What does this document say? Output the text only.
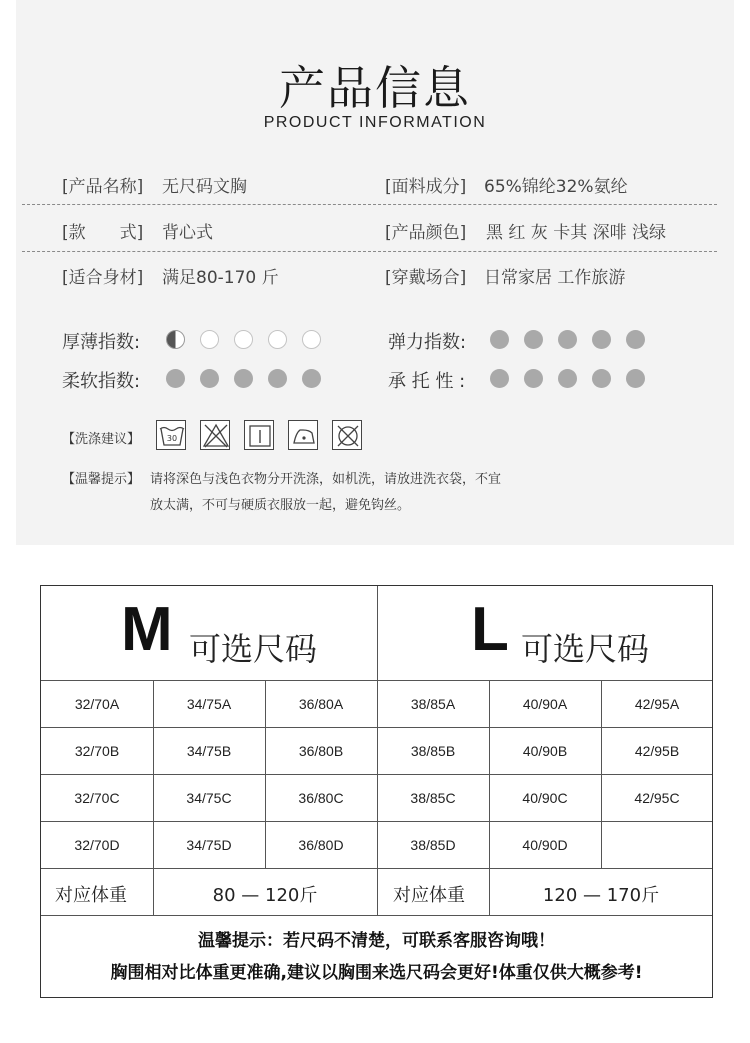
产品信息
PRODUCT INFORMATION
[产品名称] 无尺码文胸	[面料成分] 65%锦纶32%氨纶
[款　　式] 背心式	[产品颜色] 黑 红 灰 卡其 深啡 浅绿
[适合身材] 满足80-170 斤	[穿戴场合] 日常家居 工作旅游
厚薄指数:	弹力指数:
柔软指数:	承 托 性 :
【洗涤建议】	30
【温馨提示】 请将深色与浅色衣物分开洗涤，如机洗，请放进洗衣袋，不宜
放太满，不可与硬质衣服放一起，避免钩丝。
M 可选尺码 L 可选尺码
32/70A	34/75A	36/80A	38/85A	40/90A	42/95A
32/70B	34/75B	36/80B	38/85B	40/90B	42/95B
32/70C	34/75C	36/80C	38/85C	40/90C	42/95C
32/70D	34/75D	36/80D	38/85D	40/90D
对应体重	80 — 120斤	对应体重	120 — 170斤
温馨提示：若尺码不清楚，可联系客服咨询哦！
胸围相对比体重更准确,建议以胸围来选尺码会更好!体重仅供大概参考!
